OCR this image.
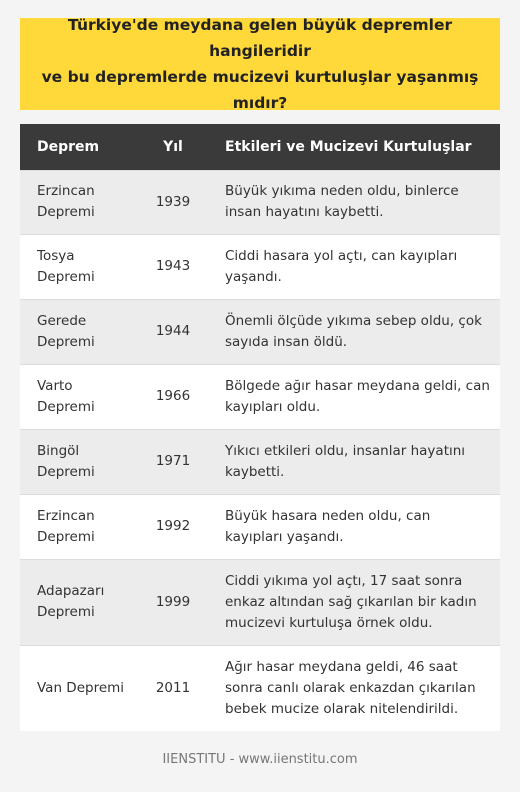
Türkiye'de meydana gelen büyük depremler hangileridir
ve bu depremlerde mucizevi kurtuluşlar yaşanmış mıdır?
Deprem	Yıl	Etkileri ve Mucizevi Kurtuluşlar
Erzincan Depremi	1939	Büyük yıkıma neden oldu, binlerce insan hayatını kaybetti.
Tosya Depremi	1943	Ciddi hasara yol açtı, can kayıpları yaşandı.
Gerede Depremi	1944	Önemli ölçüde yıkıma sebep oldu, çok sayıda insan öldü.
Varto Depremi	1966	Bölgede ağır hasar meydana geldi, can kayıpları oldu.
Bingöl Depremi	1971	Yıkıcı etkileri oldu, insanlar hayatını kaybetti.
Erzincan Depremi	1992	Büyük hasara neden oldu, can kayıpları yaşandı.
Adapazarı Depremi	1999	Ciddi yıkıma yol açtı, 17 saat sonra enkaz altından sağ çıkarılan bir kadın mucizevi kurtuluşa örnek oldu.
Van Depremi	2011	Ağır hasar meydana geldi, 46 saat sonra canlı olarak enkazdan çıkarılan bebek mucize olarak nitelendirildi.
IIENSTITU - www.iienstitu.com
